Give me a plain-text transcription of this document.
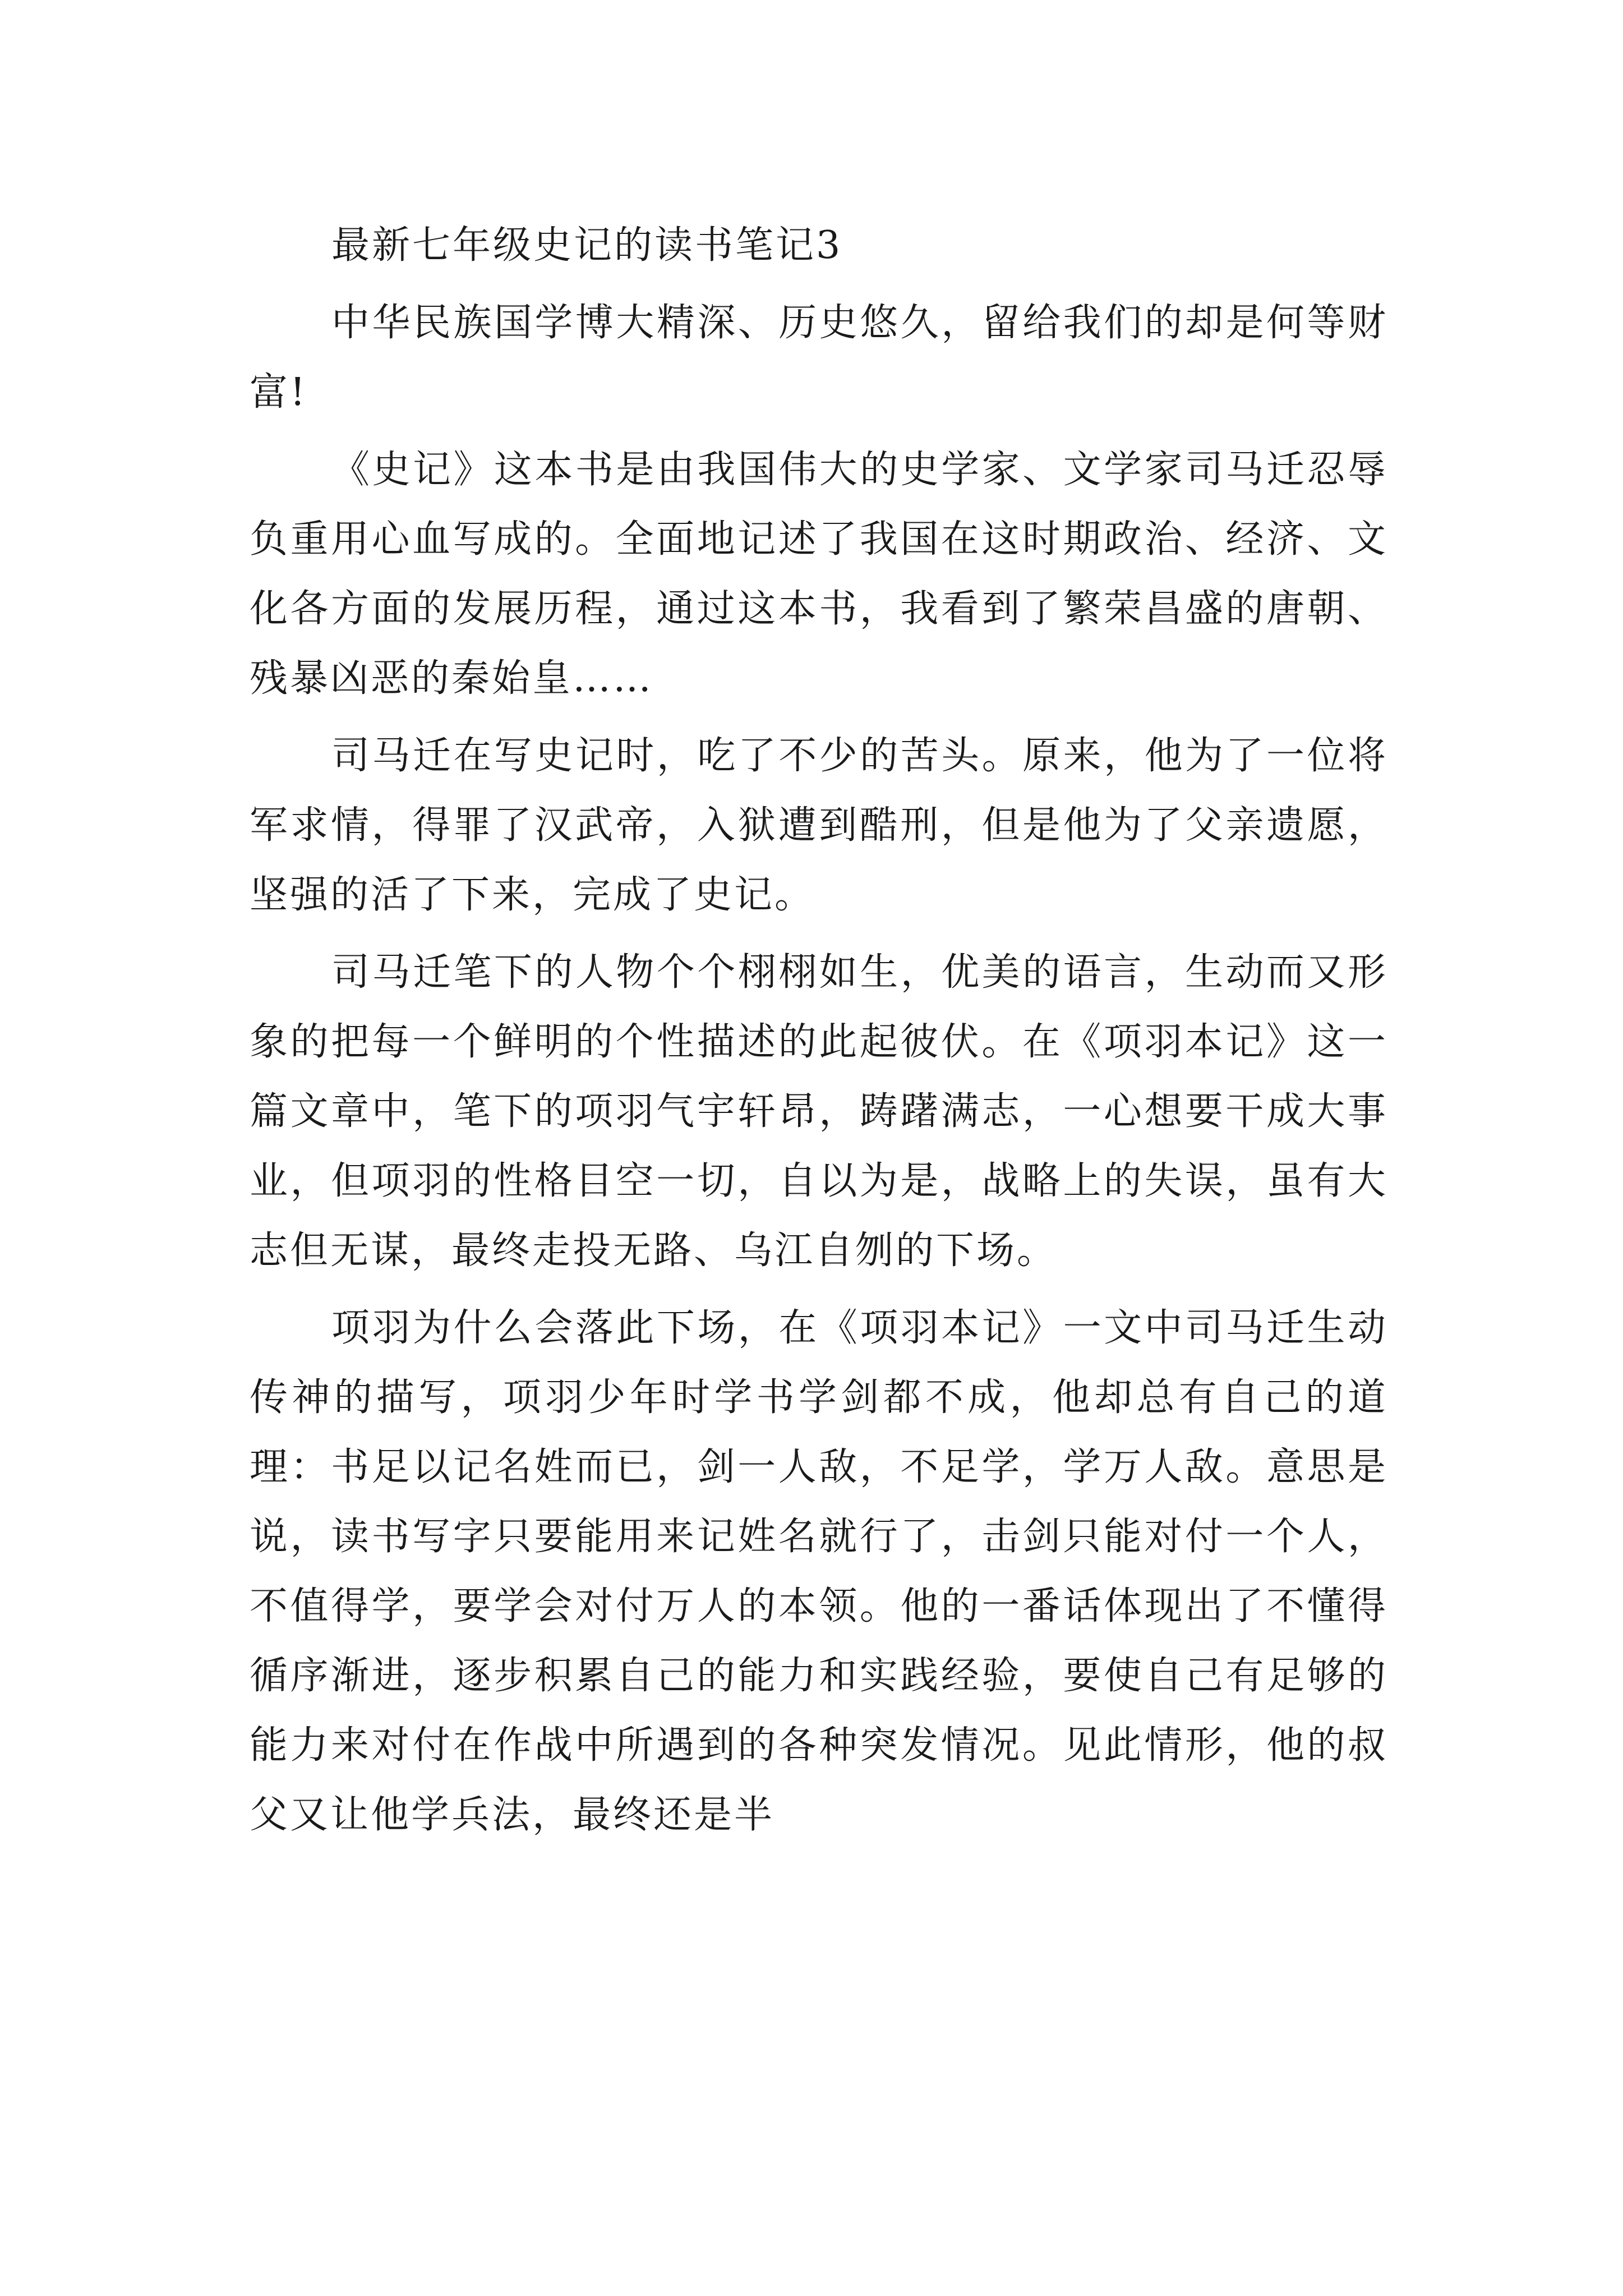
最新七年级史记的读书笔记3

中华民族国学博大精深、历史悠久，留给我们的却是何等财富!

《史记》这本书是由我国伟大的史学家、文学家司马迁忍辱负重用心血写成的。全面地记述了我国在这时期政治、经济、文化各方面的发展历程，通过这本书，我看到了繁荣昌盛的唐朝、残暴凶恶的秦始皇……

司马迁在写史记时，吃了不少的苦头。原来，他为了一位将军求情，得罪了汉武帝，入狱遭到酷刑，但是他为了父亲遗愿，坚强的活了下来，完成了史记。

司马迁笔下的人物个个栩栩如生，优美的语言，生动而又形象的把每一个鲜明的个性描述的此起彼伏。在《项羽本记》这一篇文章中，笔下的项羽气宇轩昂，踌躇满志，一心想要干成大事业，但项羽的性格目空一切，自以为是，战略上的失误，虽有大志但无谋，最终走投无路、乌江自刎的下场。

项羽为什么会落此下场，在《项羽本记》一文中司马迁生动传神的描写，项羽少年时学书学剑都不成，他却总有自己的道理：书足以记名姓而已，剑一人敌，不足学，学万人敌。意思是说，读书写字只要能用来记姓名就行了，击剑只能对付一个人，不值得学，要学会对付万人的本领。他的一番话体现出了不懂得循序渐进，逐步积累自己的能力和实践经验，要使自己有足够的能力来对付在作战中所遇到的各种突发情况。见此情形，他的叔父又让他学兵法，最终还是半
